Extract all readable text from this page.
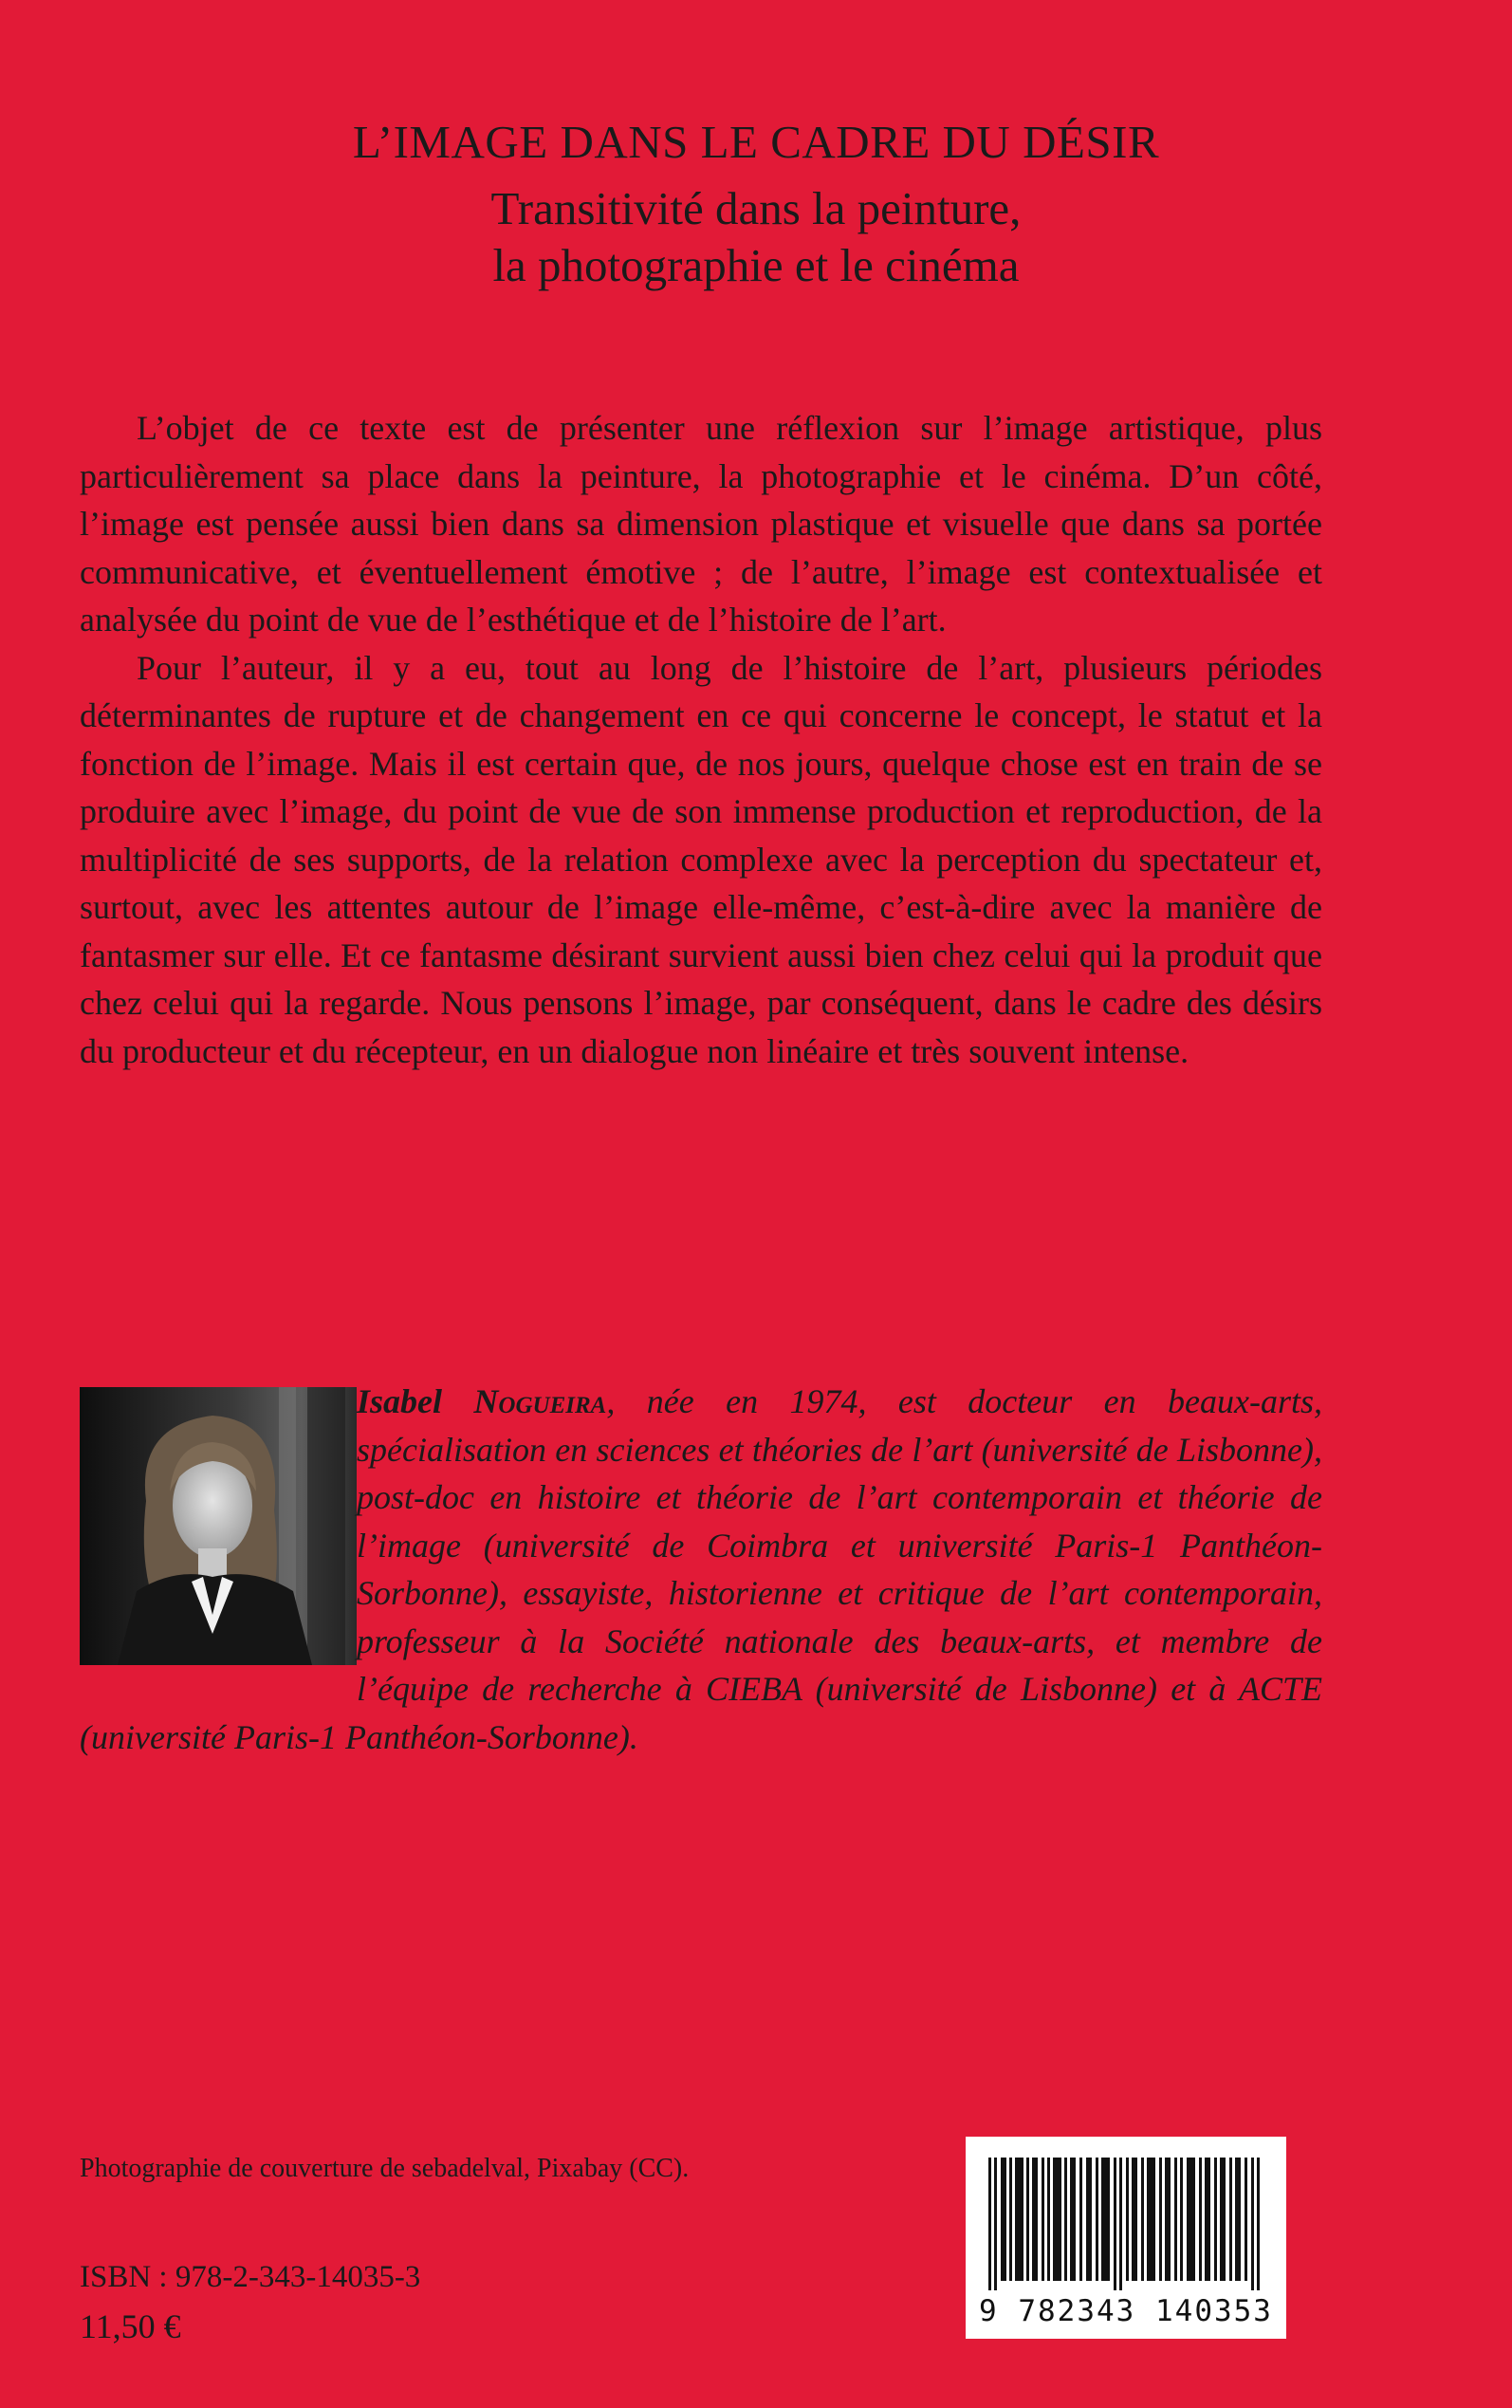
L’IMAGE DANS LE CADRE DU DÉSIR
Transitivité dans la peinture,
la photographie et le cinéma

L’objet de ce texte est de présenter une réflexion sur l’image artistique, plus particulièrement sa place dans la peinture, la photographie et le cinéma. D’un côté, l’image est pensée aussi bien dans sa dimension plastique et visuelle que dans sa portée communicative, et éventuellement émotive ; de l’autre, l’image est contextualisée et analysée du point de vue de l’esthétique et de l’histoire de l’art.

Pour l’auteur, il y a eu, tout au long de l’histoire de l’art, plusieurs périodes déterminantes de rupture et de changement en ce qui concerne le concept, le statut et la fonction de l’image. Mais il est certain que, de nos jours, quelque chose est en train de se produire avec l’image, du point de vue de son immense production et reproduction, de la multiplicité de ses supports, de la relation complexe avec la perception du spectateur et, surtout, avec les attentes autour de l’image elle-même, c’est-à-dire avec la manière de fantasmer sur elle. Et ce fantasme désirant survient aussi bien chez celui qui la produit que chez celui qui la regarde. Nous pensons l’image, par conséquent, dans le cadre des désirs du producteur et du récepteur, en un dialogue non linéaire et très souvent intense.

Isabel Nogueira, née en 1974, est docteur en beaux-arts, spécialisation en sciences et théories de l’art (université de Lisbonne), post-doc en histoire et théorie de l’art contemporain et théorie de l’image (université de Coimbra et université Paris-1 Panthéon-Sorbonne), essayiste, historienne et critique de l’art contemporain, professeur à la Société nationale des beaux-arts, et membre de l’équipe de recherche à CIEBA (université de Lisbonne) et à ACTE (université Paris-1 Panthéon-Sorbonne).
Photographie de couverture de sebadelval, Pixabay (CC).
ISBN : 978-2-343-14035-3
11,50 €	9 782343 140353
